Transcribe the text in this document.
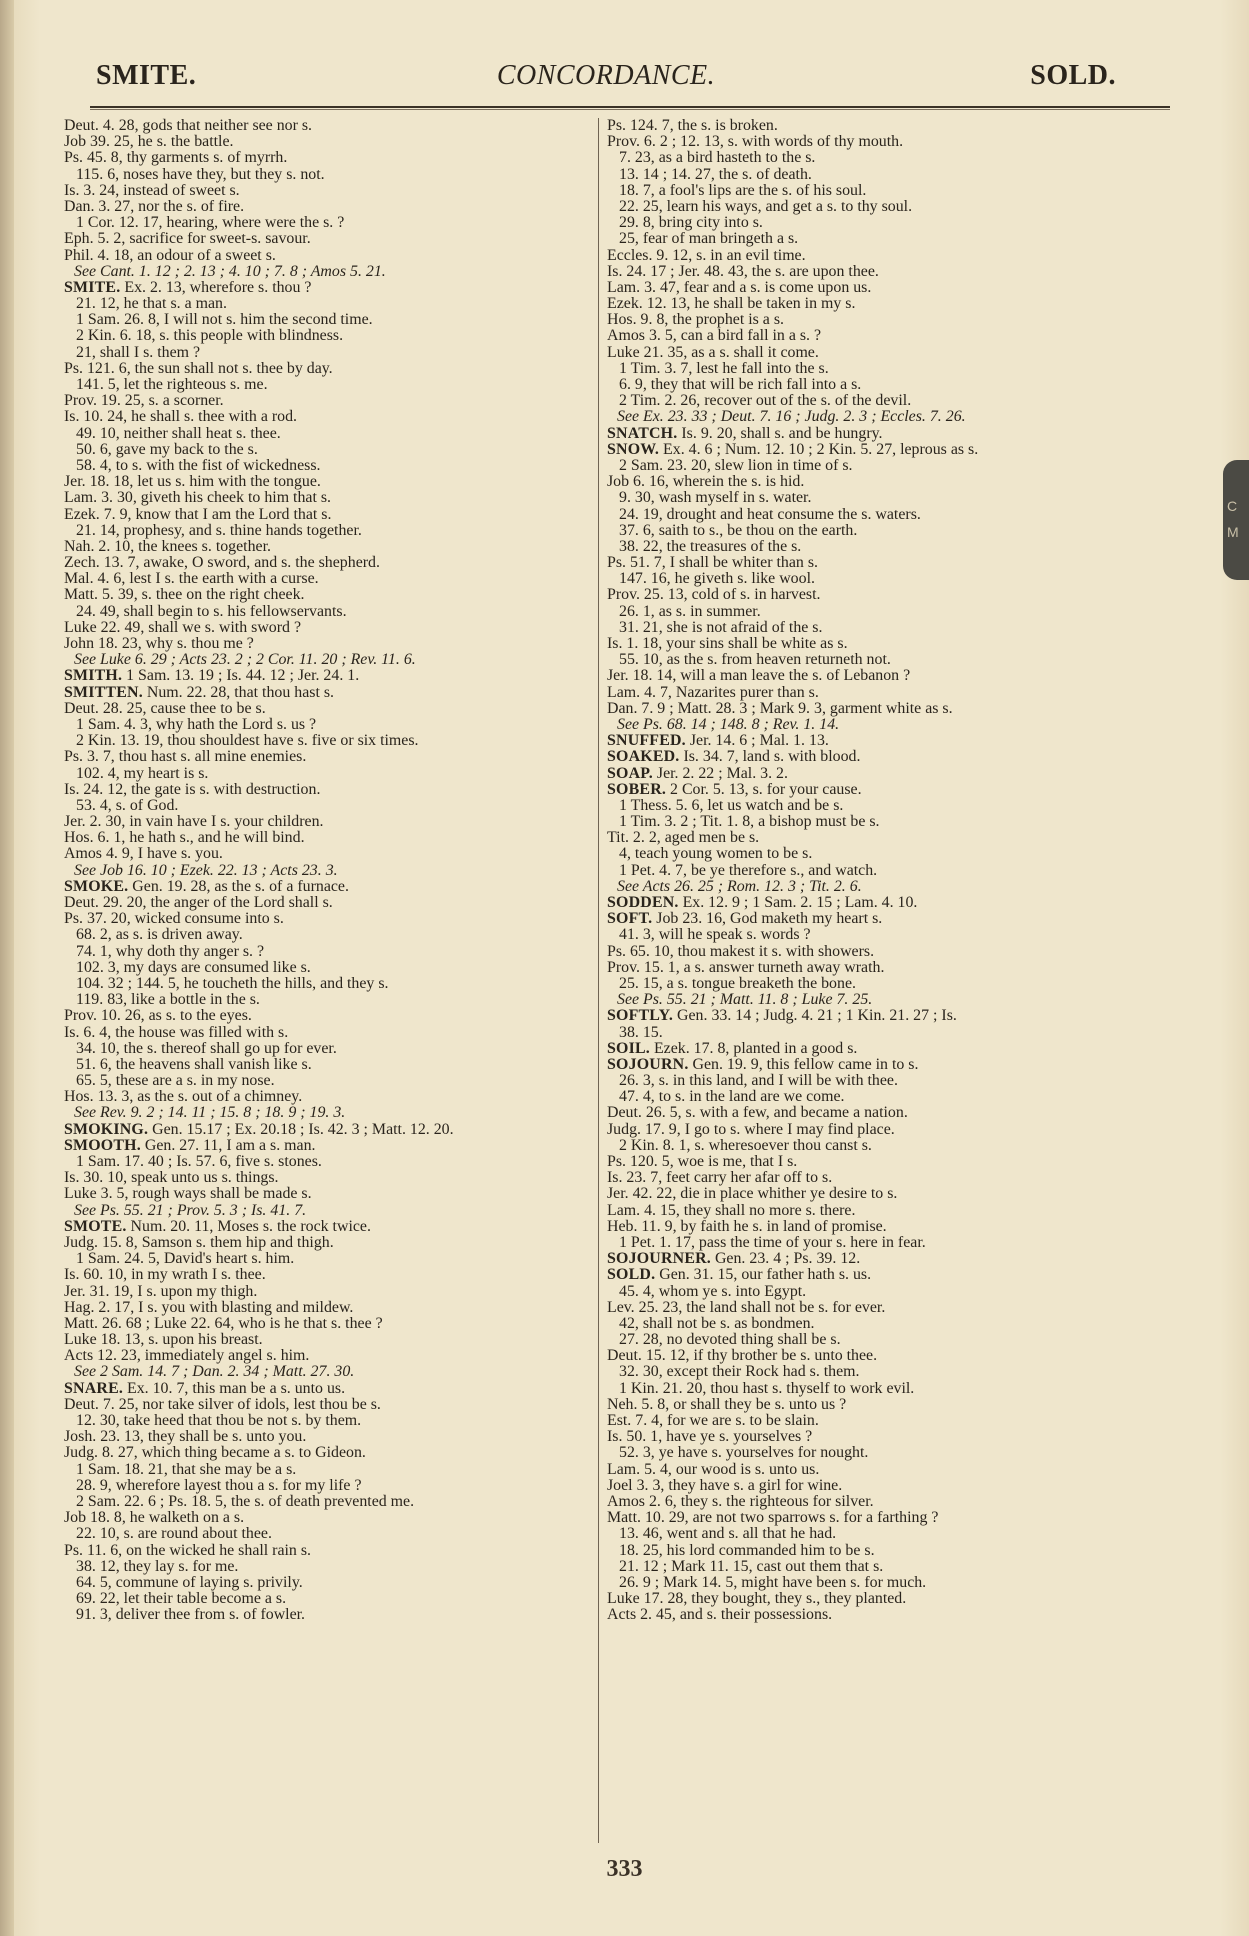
SMITE.	CONCORDANCE.	SOLD.
Deut. 4. 28, gods that neither see nor s.
Job 39. 25, he s. the battle.
Ps. 45. 8, thy garments s. of myrrh.
115. 6, noses have they, but they s. not.
Is. 3. 24, instead of sweet s.
Dan. 3. 27, nor the s. of fire.
1 Cor. 12. 17, hearing, where were the s. ?
Eph. 5. 2, sacrifice for sweet-s. savour.
Phil. 4. 18, an odour of a sweet s.
See Cant. 1. 12 ; 2. 13 ; 4. 10 ; 7. 8 ; Amos 5. 21.
SMITE. Ex. 2. 13, wherefore s. thou ?
21. 12, he that s. a man.
1 Sam. 26. 8, I will not s. him the second time.
2 Kin. 6. 18, s. this people with blindness.
21, shall I s. them ?
Ps. 121. 6, the sun shall not s. thee by day.
141. 5, let the righteous s. me.
Prov. 19. 25, s. a scorner.
Is. 10. 24, he shall s. thee with a rod.
49. 10, neither shall heat s. thee.
50. 6, gave my back to the s.
58. 4, to s. with the fist of wickedness.
Jer. 18. 18, let us s. him with the tongue.
Lam. 3. 30, giveth his cheek to him that s.
Ezek. 7. 9, know that I am the Lord that s.
21. 14, prophesy, and s. thine hands together.
Nah. 2. 10, the knees s. together.
Zech. 13. 7, awake, O sword, and s. the shepherd.
Mal. 4. 6, lest I s. the earth with a curse.
Matt. 5. 39, s. thee on the right cheek.
24. 49, shall begin to s. his fellowservants.
Luke 22. 49, shall we s. with sword ?
John 18. 23, why s. thou me ?
See Luke 6. 29 ; Acts 23. 2 ; 2 Cor. 11. 20 ; Rev. 11. 6.
SMITH. 1 Sam. 13. 19 ; Is. 44. 12 ; Jer. 24. 1.
SMITTEN. Num. 22. 28, that thou hast s.
Deut. 28. 25, cause thee to be s.
1 Sam. 4. 3, why hath the Lord s. us ?
2 Kin. 13. 19, thou shouldest have s. five or six times.
Ps. 3. 7, thou hast s. all mine enemies.
102. 4, my heart is s.
Is. 24. 12, the gate is s. with destruction.
53. 4, s. of God.
Jer. 2. 30, in vain have I s. your children.
Hos. 6. 1, he hath s., and he will bind.
Amos 4. 9, I have s. you.
See Job 16. 10 ; Ezek. 22. 13 ; Acts 23. 3.
SMOKE. Gen. 19. 28, as the s. of a furnace.
Deut. 29. 20, the anger of the Lord shall s.
Ps. 37. 20, wicked consume into s.
68. 2, as s. is driven away.
74. 1, why doth thy anger s. ?
102. 3, my days are consumed like s.
104. 32 ; 144. 5, he toucheth the hills, and they s.
119. 83, like a bottle in the s.
Prov. 10. 26, as s. to the eyes.
Is. 6. 4, the house was filled with s.
34. 10, the s. thereof shall go up for ever.
51. 6, the heavens shall vanish like s.
65. 5, these are a s. in my nose.
Hos. 13. 3, as the s. out of a chimney.
See Rev. 9. 2 ; 14. 11 ; 15. 8 ; 18. 9 ; 19. 3.
SMOKING. Gen. 15.17 ; Ex. 20.18 ; Is. 42. 3 ; Matt. 12. 20.
SMOOTH. Gen. 27. 11, I am a s. man.
1 Sam. 17. 40 ; Is. 57. 6, five s. stones.
Is. 30. 10, speak unto us s. things.
Luke 3. 5, rough ways shall be made s.
See Ps. 55. 21 ; Prov. 5. 3 ; Is. 41. 7.
SMOTE. Num. 20. 11, Moses s. the rock twice.
Judg. 15. 8, Samson s. them hip and thigh.
1 Sam. 24. 5, David's heart s. him.
Is. 60. 10, in my wrath I s. thee.
Jer. 31. 19, I s. upon my thigh.
Hag. 2. 17, I s. you with blasting and mildew.
Matt. 26. 68 ; Luke 22. 64, who is he that s. thee ?
Luke 18. 13, s. upon his breast.
Acts 12. 23, immediately angel s. him.
See 2 Sam. 14. 7 ; Dan. 2. 34 ; Matt. 27. 30.
SNARE. Ex. 10. 7, this man be a s. unto us.
Deut. 7. 25, nor take silver of idols, lest thou be s.
12. 30, take heed that thou be not s. by them.
Josh. 23. 13, they shall be s. unto you.
Judg. 8. 27, which thing became a s. to Gideon.
1 Sam. 18. 21, that she may be a s.
28. 9, wherefore layest thou a s. for my life ?
2 Sam. 22. 6 ; Ps. 18. 5, the s. of death prevented me.
Job 18. 8, he walketh on a s.
22. 10, s. are round about thee.
Ps. 11. 6, on the wicked he shall rain s.
38. 12, they lay s. for me.
64. 5, commune of laying s. privily.
69. 22, let their table become a s.
91. 3, deliver thee from s. of fowler.
Ps. 124. 7, the s. is broken.
Prov. 6. 2 ; 12. 13, s. with words of thy mouth.
7. 23, as a bird hasteth to the s.
13. 14 ; 14. 27, the s. of death.
18. 7, a fool's lips are the s. of his soul.
22. 25, learn his ways, and get a s. to thy soul.
29. 8, bring city into s.
25, fear of man bringeth a s.
Eccles. 9. 12, s. in an evil time.
Is. 24. 17 ; Jer. 48. 43, the s. are upon thee.
Lam. 3. 47, fear and a s. is come upon us.
Ezek. 12. 13, he shall be taken in my s.
Hos. 9. 8, the prophet is a s.
Amos 3. 5, can a bird fall in a s. ?
Luke 21. 35, as a s. shall it come.
1 Tim. 3. 7, lest he fall into the s.
6. 9, they that will be rich fall into a s.
2 Tim. 2. 26, recover out of the s. of the devil.
See Ex. 23. 33 ; Deut. 7. 16 ; Judg. 2. 3 ; Eccles. 7. 26.
SNATCH. Is. 9. 20, shall s. and be hungry.
SNOW. Ex. 4. 6 ; Num. 12. 10 ; 2 Kin. 5. 27, leprous as s.
2 Sam. 23. 20, slew lion in time of s.
Job 6. 16, wherein the s. is hid.
9. 30, wash myself in s. water.
24. 19, drought and heat consume the s. waters.
37. 6, saith to s., be thou on the earth.
38. 22, the treasures of the s.
Ps. 51. 7, I shall be whiter than s.
147. 16, he giveth s. like wool.
Prov. 25. 13, cold of s. in harvest.
26. 1, as s. in summer.
31. 21, she is not afraid of the s.
Is. 1. 18, your sins shall be white as s.
55. 10, as the s. from heaven returneth not.
Jer. 18. 14, will a man leave the s. of Lebanon ?
Lam. 4. 7, Nazarites purer than s.
Dan. 7. 9 ; Matt. 28. 3 ; Mark 9. 3, garment white as s.
See Ps. 68. 14 ; 148. 8 ; Rev. 1. 14.
SNUFFED. Jer. 14. 6 ; Mal. 1. 13.
SOAKED. Is. 34. 7, land s. with blood.
SOAP. Jer. 2. 22 ; Mal. 3. 2.
SOBER. 2 Cor. 5. 13, s. for your cause.
1 Thess. 5. 6, let us watch and be s.
1 Tim. 3. 2 ; Tit. 1. 8, a bishop must be s.
Tit. 2. 2, aged men be s.
4, teach young women to be s.
1 Pet. 4. 7, be ye therefore s., and watch.
See Acts 26. 25 ; Rom. 12. 3 ; Tit. 2. 6.
SODDEN. Ex. 12. 9 ; 1 Sam. 2. 15 ; Lam. 4. 10.
SOFT. Job 23. 16, God maketh my heart s.
41. 3, will he speak s. words ?
Ps. 65. 10, thou makest it s. with showers.
Prov. 15. 1, a s. answer turneth away wrath.
25. 15, a s. tongue breaketh the bone.
See Ps. 55. 21 ; Matt. 11. 8 ; Luke 7. 25.
SOFTLY. Gen. 33. 14 ; Judg. 4. 21 ; 1 Kin. 21. 27 ; Is.
38. 15.
SOIL. Ezek. 17. 8, planted in a good s.
SOJOURN. Gen. 19. 9, this fellow came in to s.
26. 3, s. in this land, and I will be with thee.
47. 4, to s. in the land are we come.
Deut. 26. 5, s. with a few, and became a nation.
Judg. 17. 9, I go to s. where I may find place.
2 Kin. 8. 1, s. wheresoever thou canst s.
Ps. 120. 5, woe is me, that I s.
Is. 23. 7, feet carry her afar off to s.
Jer. 42. 22, die in place whither ye desire to s.
Lam. 4. 15, they shall no more s. there.
Heb. 11. 9, by faith he s. in land of promise.
1 Pet. 1. 17, pass the time of your s. here in fear.
SOJOURNER. Gen. 23. 4 ; Ps. 39. 12.
SOLD. Gen. 31. 15, our father hath s. us.
45. 4, whom ye s. into Egypt.
Lev. 25. 23, the land shall not be s. for ever.
42, shall not be s. as bondmen.
27. 28, no devoted thing shall be s.
Deut. 15. 12, if thy brother be s. unto thee.
32. 30, except their Rock had s. them.
1 Kin. 21. 20, thou hast s. thyself to work evil.
Neh. 5. 8, or shall they be s. unto us ?
Est. 7. 4, for we are s. to be slain.
Is. 50. 1, have ye s. yourselves ?
52. 3, ye have s. yourselves for nought.
Lam. 5. 4, our wood is s. unto us.
Joel 3. 3, they have s. a girl for wine.
Amos 2. 6, they s. the righteous for silver.
Matt. 10. 29, are not two sparrows s. for a farthing ?
13. 46, went and s. all that he had.
18. 25, his lord commanded him to be s.
21. 12 ; Mark 11. 15, cast out them that s.
26. 9 ; Mark 14. 5, might have been s. for much.
Luke 17. 28, they bought, they s., they planted.
Acts 2. 45, and s. their possessions.
C
M
333
